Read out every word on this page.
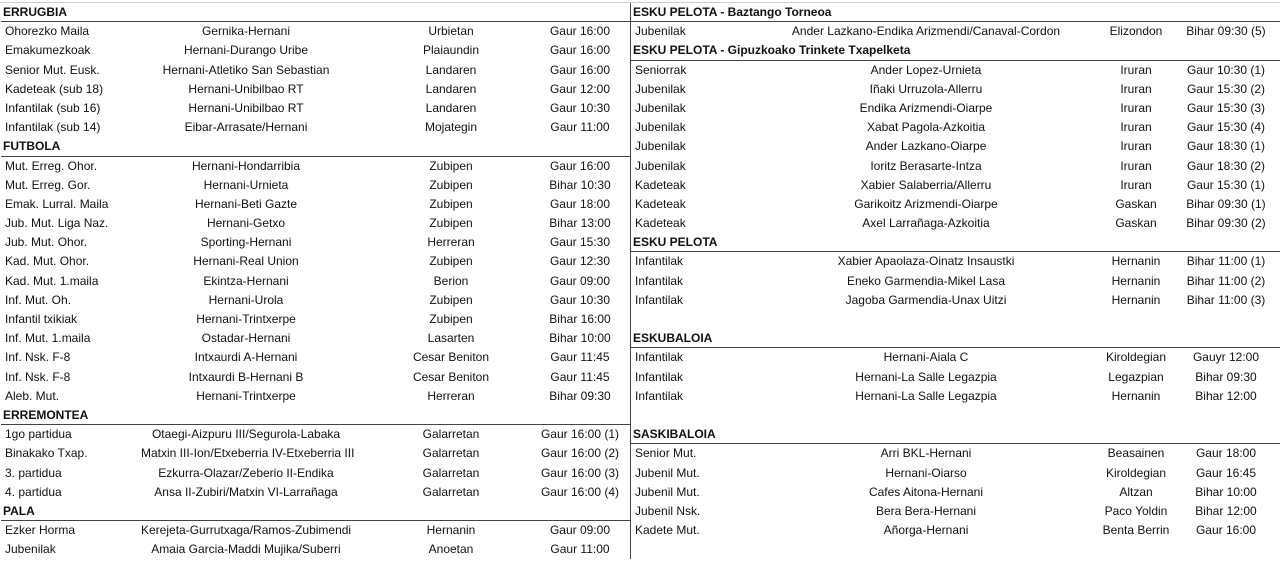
ERRUGBIA
Ohorezko Maila	Gernika-Hernani	Urbietan	Gaur 16:00
Emakumezkoak	Hernani-Durango Uribe	Plaiaundin	Gaur 16:00
Senior Mut. Eusk.	Hernani-Atletiko San Sebastian	Landaren	Gaur 16:00
Kadeteak (sub 18)	Hernani-Unibilbao RT	Landaren	Gaur 12:00
Infantilak (sub 16)	Hernani-Unibilbao RT	Landaren	Gaur 10:30
Infantilak (sub 14)	Eibar-Arrasate/Hernani	Mojategin	Gaur 11:00
FUTBOLA
Mut. Erreg. Ohor.	Hernani-Hondarribia	Zubipen	Gaur 16:00
Mut. Erreg. Gor.	Hernani-Urnieta	Zubipen	Bihar 10:30
Emak. Lurral. Maila	Hernani-Beti Gazte	Zubipen	Gaur 18:00
Jub. Mut. Liga Naz.	Hernani-Getxo	Zubipen	Bihar 13:00
Jub. Mut. Ohor.	Sporting-Hernani	Herreran	Gaur 15:30
Kad. Mut. Ohor.	Hernani-Real Union	Zubipen	Gaur 12:30
Kad. Mut. 1.maila	Ekintza-Hernani	Berion	Gaur 09:00
Inf. Mut. Oh.	Hernani-Urola	Zubipen	Gaur 10:30
Infantil txikiak	Hernani-Trintxerpe	Zubipen	Bihar 16:00
Inf. Mut. 1.maila	Ostadar-Hernani	Lasarten	Bihar 10:00
Inf. Nsk. F-8	Intxaurdi A-Hernani	Cesar Beniton	Gaur 11:45
Inf. Nsk. F-8	Intxaurdi B-Hernani B	Cesar Beniton	Gaur 11:45
Aleb. Mut.	Hernani-Trintxerpe	Herreran	Bihar 09:30
ERREMONTEA
1go partidua	Otaegi-Aizpuru III/Segurola-Labaka	Galarretan	Gaur 16:00 (1)
Binakako Txap.	Matxin III-Ion/Etxeberria IV-Etxeberria III	Galarretan	Gaur 16:00 (2)
3. partidua	Ezkurra-Olazar/Zeberio II-Endika	Galarretan	Gaur 16:00 (3)
4. partidua	Ansa II-Zubiri/Matxin VI-Larrañaga	Galarretan	Gaur 16:00 (4)
PALA
Ezker Horma	Kerejeta-Gurrutxaga/Ramos-Zubimendi	Hernanin	Gaur 09:00
Jubenilak	Amaia Garcia-Maddi Mujika/Suberri	Anoetan	Gaur 11:00
ESKU PELOTA - Baztango Torneoa
Jubenilak	Ander Lazkano-Endika Arizmendi/Canaval-Cordon	Elizondon	Bihar 09:30 (5)
ESKU PELOTA - Gipuzkoako Trinkete Txapelketa
Seniorrak	Ander Lopez-Urnieta	Iruran	Gaur 10:30 (1)
Jubenilak	Iñaki Urruzola-Allerru	Iruran	Gaur 15:30 (2)
Jubenilak	Endika Arizmendi-Oiarpe	Iruran	Gaur 15:30 (3)
Jubenilak	Xabat Pagola-Azkoitia	Iruran	Gaur 15:30 (4)
Jubenilak	Ander Lazkano-Oiarpe	Iruran	Gaur 18:30 (1)
Jubenilak	Ioritz Berasarte-Intza	Iruran	Gaur 18:30 (2)
Kadeteak	Xabier Salaberria/Allerru	Iruran	Gaur 15:30 (1)
Kadeteak	Garikoitz Arizmendi-Oiarpe	Gaskan	Bihar 09:30 (1)
Kadeteak	Axel Larrañaga-Azkoitia	Gaskan	Bihar 09:30 (2)
ESKU PELOTA
Infantilak	Xabier Apaolaza-Oinatz Insaustki	Hernanin	Bihar 11:00 (1)
Infantilak	Eneko Garmendia-Mikel Lasa	Hernanin	Bihar 11:00 (2)
Infantilak	Jagoba Garmendia-Unax Uitzi	Hernanin	Bihar 11:00 (3)
ESKUBALOIA
Infantilak	Hernani-Aiala C	Kiroldegian	Gauyr 12:00
Infantilak	Hernani-La Salle Legazpia	Legazpian	Bihar 09:30
Infantilak	Hernani-La Salle Legazpia	Hernanin	Bihar 12:00
SASKIBALOIA
Senior Mut.	Arri BKL-Hernani	Beasainen	Gaur 18:00
Jubenil Mut.	Hernani-Oiarso	Kiroldegian	Gaur 16:45
Jubenil Mut.	Cafes Aitona-Hernani	Altzan	Bihar 10:00
Jubenil Nsk.	Bera Bera-Hernani	Paco Yoldin	Bihar 12:00
Kadete Mut.	Añorga-Hernani	Benta Berrin	Gaur 16:00
